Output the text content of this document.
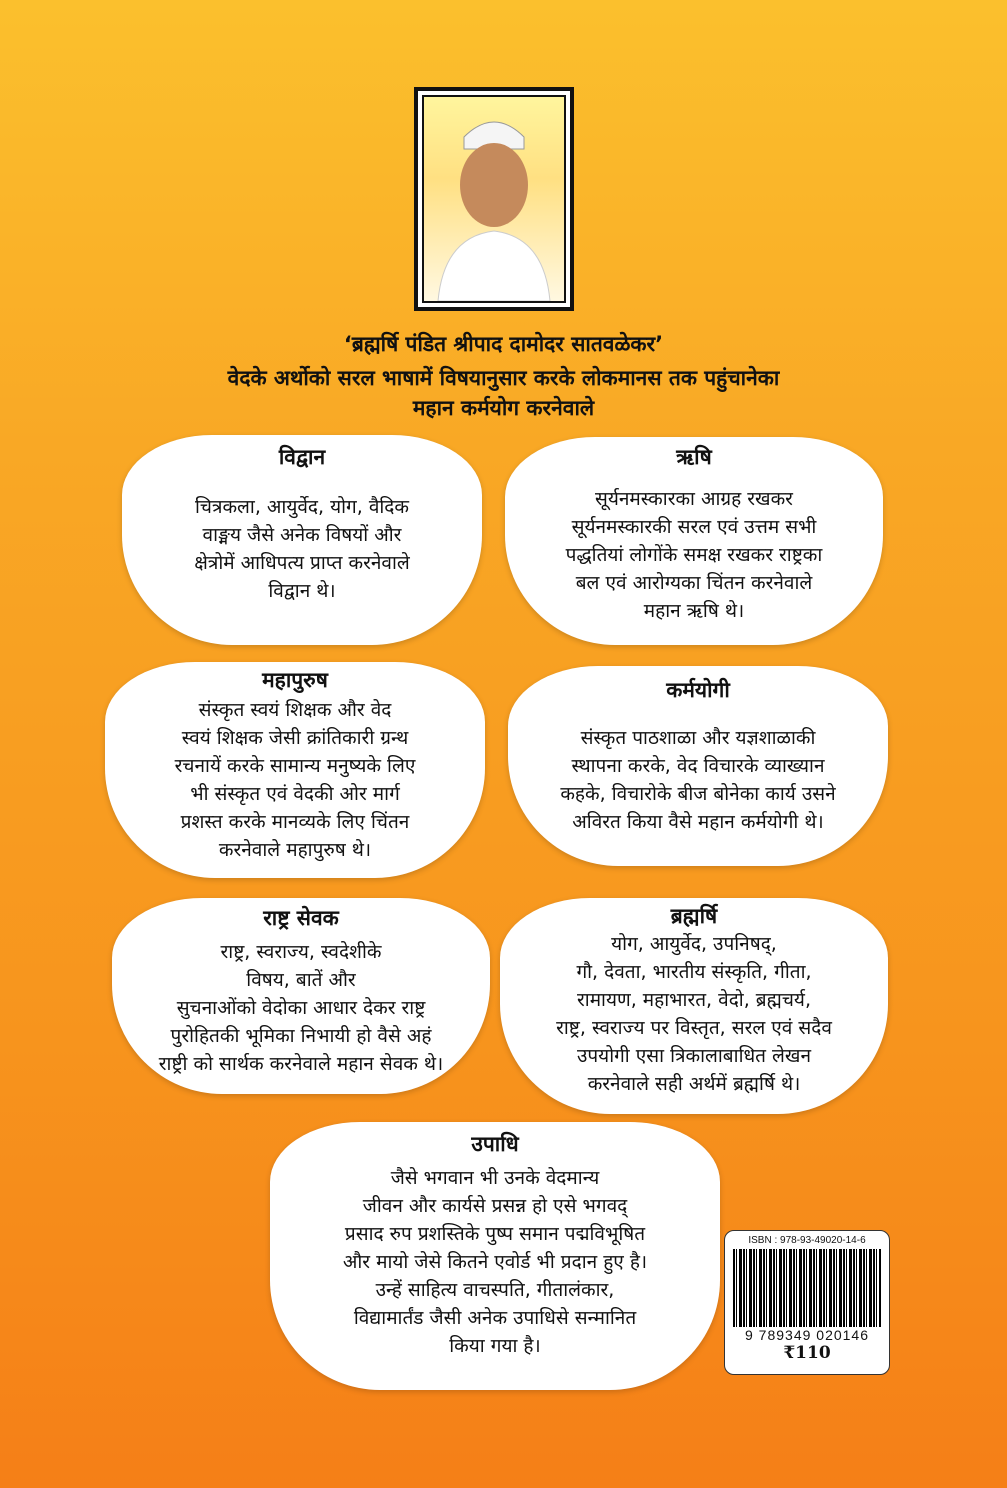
‘ब्रह्मर्षि पंडित श्रीपाद दामोदर सातवळेकर’
वेदके अर्थोको सरल भाषामें विषयानुसार करके लोकमानस तक पहुंचानेका
महान कर्मयोग करनेवाले
विद्वान

चित्रकला, आयुर्वेद, योग, वैदिक
वाङ्मय जैसे अनेक विषयों और
क्षेत्रोमें आधिपत्य प्राप्त करनेवाले
विद्वान थे।

ऋषि

सूर्यनमस्कारका आग्रह रखकर
सूर्यनमस्कारकी सरल एवं उत्तम सभी
पद्धतियां लोगोंके समक्ष रखकर राष्ट्रका
बल एवं आरोग्यका चिंतन करनेवाले
महान ऋषि थे।

महापुरुष

संस्कृत स्वयं शिक्षक और वेद
स्वयं शिक्षक जेसी क्रांतिकारी ग्रन्थ
रचनायें करके सामान्य मनुष्यके लिए
भी संस्कृत एवं वेदकी ओर मार्ग
प्रशस्त करके मानव्यके लिए चिंतन
करनेवाले महापुरुष थे।

कर्मयोगी

संस्कृत पाठशाळा और यज्ञशाळाकी
स्थापना करके, वेद विचारके व्याख्यान
कहके, विचारोके बीज बोनेका कार्य उसने
अविरत किया वैसे महान कर्मयोगी थे।

राष्ट्र सेवक

राष्ट्र, स्वराज्य, स्वदेशीके
विषय, बातें और
सुचनाओंको वेदोका आधार देकर राष्ट्र
पुरोहितकी भूमिका निभायी हो वैसे अहं
राष्ट्री को सार्थक करनेवाले महान सेवक थे।

ब्रह्मर्षि

योग, आयुर्वेद, उपनिषद्,
गौ, देवता, भारतीय संस्कृति, गीता,
रामायण, महाभारत, वेदो, ब्रह्मचर्य,
राष्ट्र, स्वराज्य पर विस्तृत, सरल एवं सदैव
उपयोगी एसा त्रिकालाबाधित लेखन
करनेवाले सही अर्थमें ब्रह्मर्षि थे।

उपाधि

जैसे भगवान भी उनके वेदमान्य
जीवन और कार्यसे प्रसन्न हो एसे भगवद्
प्रसाद रुप प्रशस्तिके पुष्प समान पद्मविभूषित
और मायो जेसे कितने एवोर्ड भी प्रदान हुए है।
उन्हें साहित्य वाचस्पति, गीतालंकार,
विद्यामार्तंड जैसी अनेक उपाधिसे सन्मानित
किया गया है।

ISBN : 978-93-49020-14-6
9 789349 020146
₹110
